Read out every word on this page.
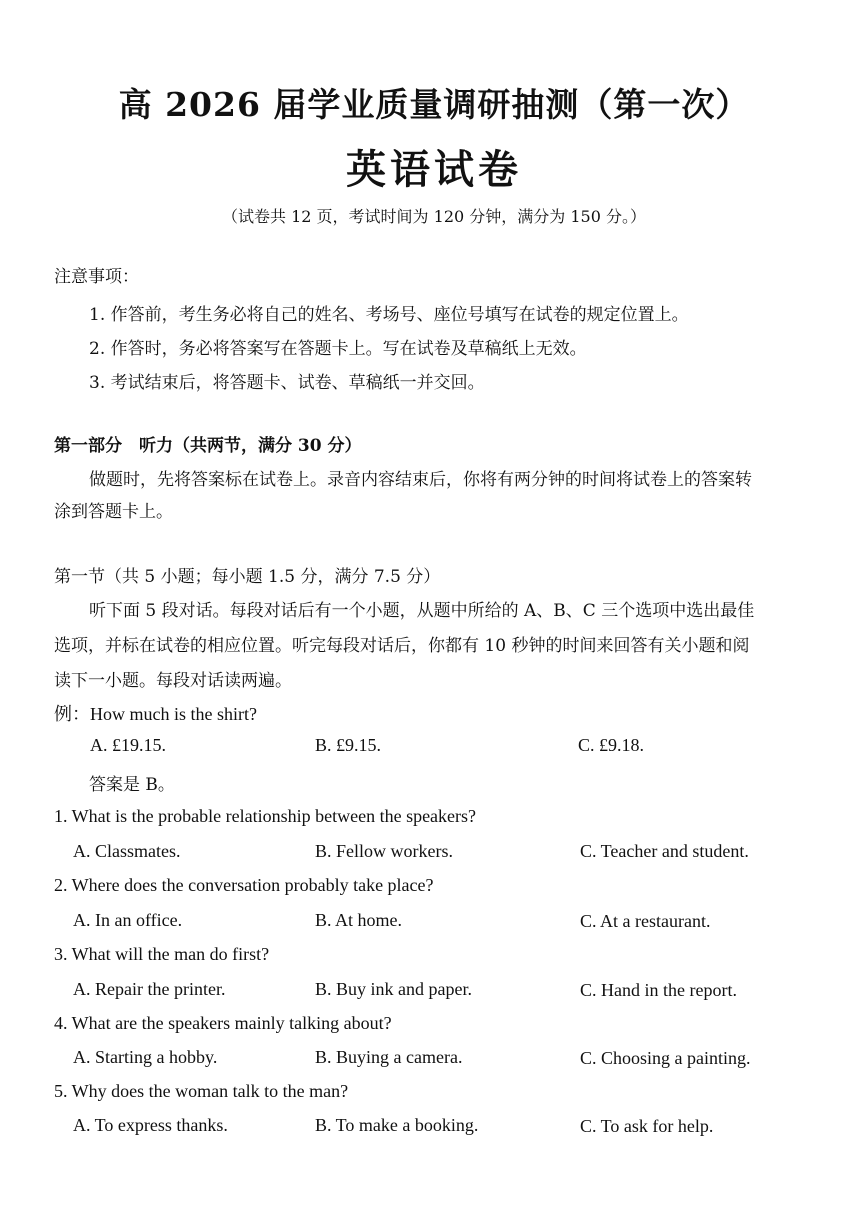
高 2026 届学业质量调研抽测（第一次）
英语试卷
（试卷共 12 页，考试时间为 120 分钟，满分为 150 分。）
注意事项：
1. 作答前，考生务必将自己的姓名、考场号、座位号填写在试卷的规定位置上。
2. 作答时，务必将答案写在答题卡上。写在试卷及草稿纸上无效。
3. 考试结束后，将答题卡、试卷、草稿纸一并交回。
第一部分　听力（共两节，满分 30 分）
做题时，先将答案标在试卷上。录音内容结束后，你将有两分钟的时间将试卷上的答案转
涂到答题卡上。
第一节（共 5 小题；每小题 1.5 分，满分 7.5 分）
听下面 5 段对话。每段对话后有一个小题，从题中所给的 A、B、C 三个选项中选出最佳
选项，并标在试卷的相应位置。听完每段对话后，你都有 10 秒钟的时间来回答有关小题和阅
读下一小题。每段对话读两遍。
例：How much is the shirt?
A. £19.15.	B. £9.15.	C. £9.18.
答案是 B。
1. What is the probable relationship between the speakers?
A. Classmates.	B. Fellow workers.	C. Teacher and student.
2. Where does the conversation probably take place?
A. In an office.	B. At home.	C. At a restaurant.
3. What will the man do first?
A. Repair the printer.	B. Buy ink and paper.	C. Hand in the report.
4. What are the speakers mainly talking about?
A. Starting a hobby.	B. Buying a camera.	C. Choosing a painting.
5. Why does the woman talk to the man?
A. To express thanks.	B. To make a booking.	C. To ask for help.
